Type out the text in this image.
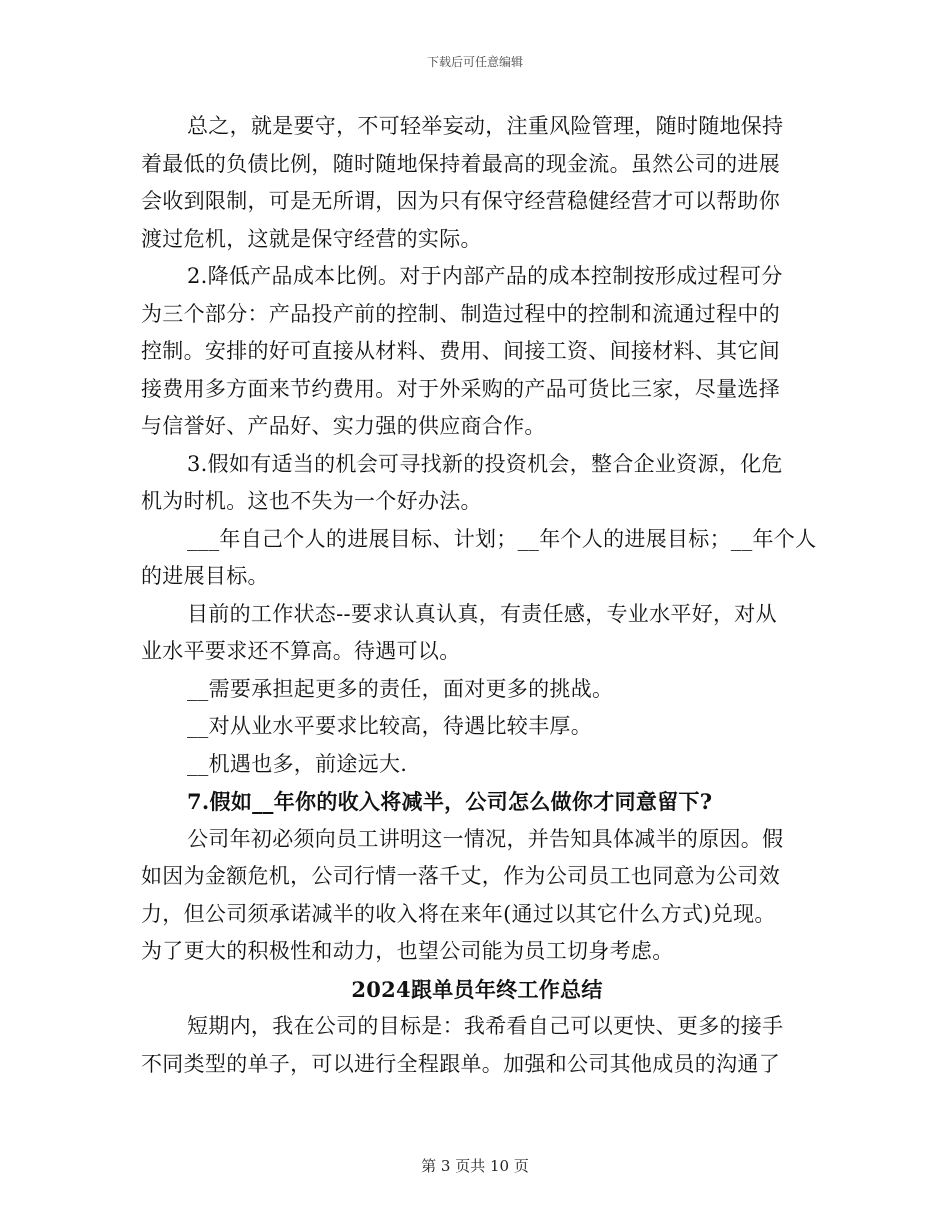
下载后可任意编辑
总之，就是要守，不可轻举妄动，注重风险管理，随时随地保持
着最低的负债比例，随时随地保持着最高的现金流。虽然公司的进展
会收到限制，可是无所谓，因为只有保守经营稳健经营才可以帮助你
渡过危机，这就是保守经营的实际。
2.降低产品成本比例。对于内部产品的成本控制按形成过程可分
为三个部分：产品投产前的控制、制造过程中的控制和流通过程中的
控制。安排的好可直接从材料、费用、间接工资、间接材料、其它间
接费用多方面来节约费用。对于外采购的产品可货比三家，尽量选择
与信誉好、产品好、实力强的供应商合作。
3.假如有适当的机会可寻找新的投资机会，整合企业资源，化危
机为时机。这也不失为一个好办法。
___年自己个人的进展目标、计划；__年个人的进展目标；__年个人
的进展目标。
目前的工作状态--要求认真认真，有责任感，专业水平好，对从
业水平要求还不算高。待遇可以。
__需要承担起更多的责任，面对更多的挑战。
__对从业水平要求比较高，待遇比较丰厚。
__机遇也多，前途远大.
7.假如__年你的收入将减半，公司怎么做你才同意留下?
公司年初必须向员工讲明这一情况，并告知具体减半的原因。假
如因为金额危机，公司行情一落千丈，作为公司员工也同意为公司效
力，但公司须承诺减半的收入将在来年(通过以其它什么方式)兑现。
为了更大的积极性和动力，也望公司能为员工切身考虑。
2024跟单员年终工作总结
短期内，我在公司的目标是：我希看自己可以更快、更多的接手
不同类型的单子，可以进行全程跟单。加强和公司其他成员的沟通了
第 3 页共 10 页
